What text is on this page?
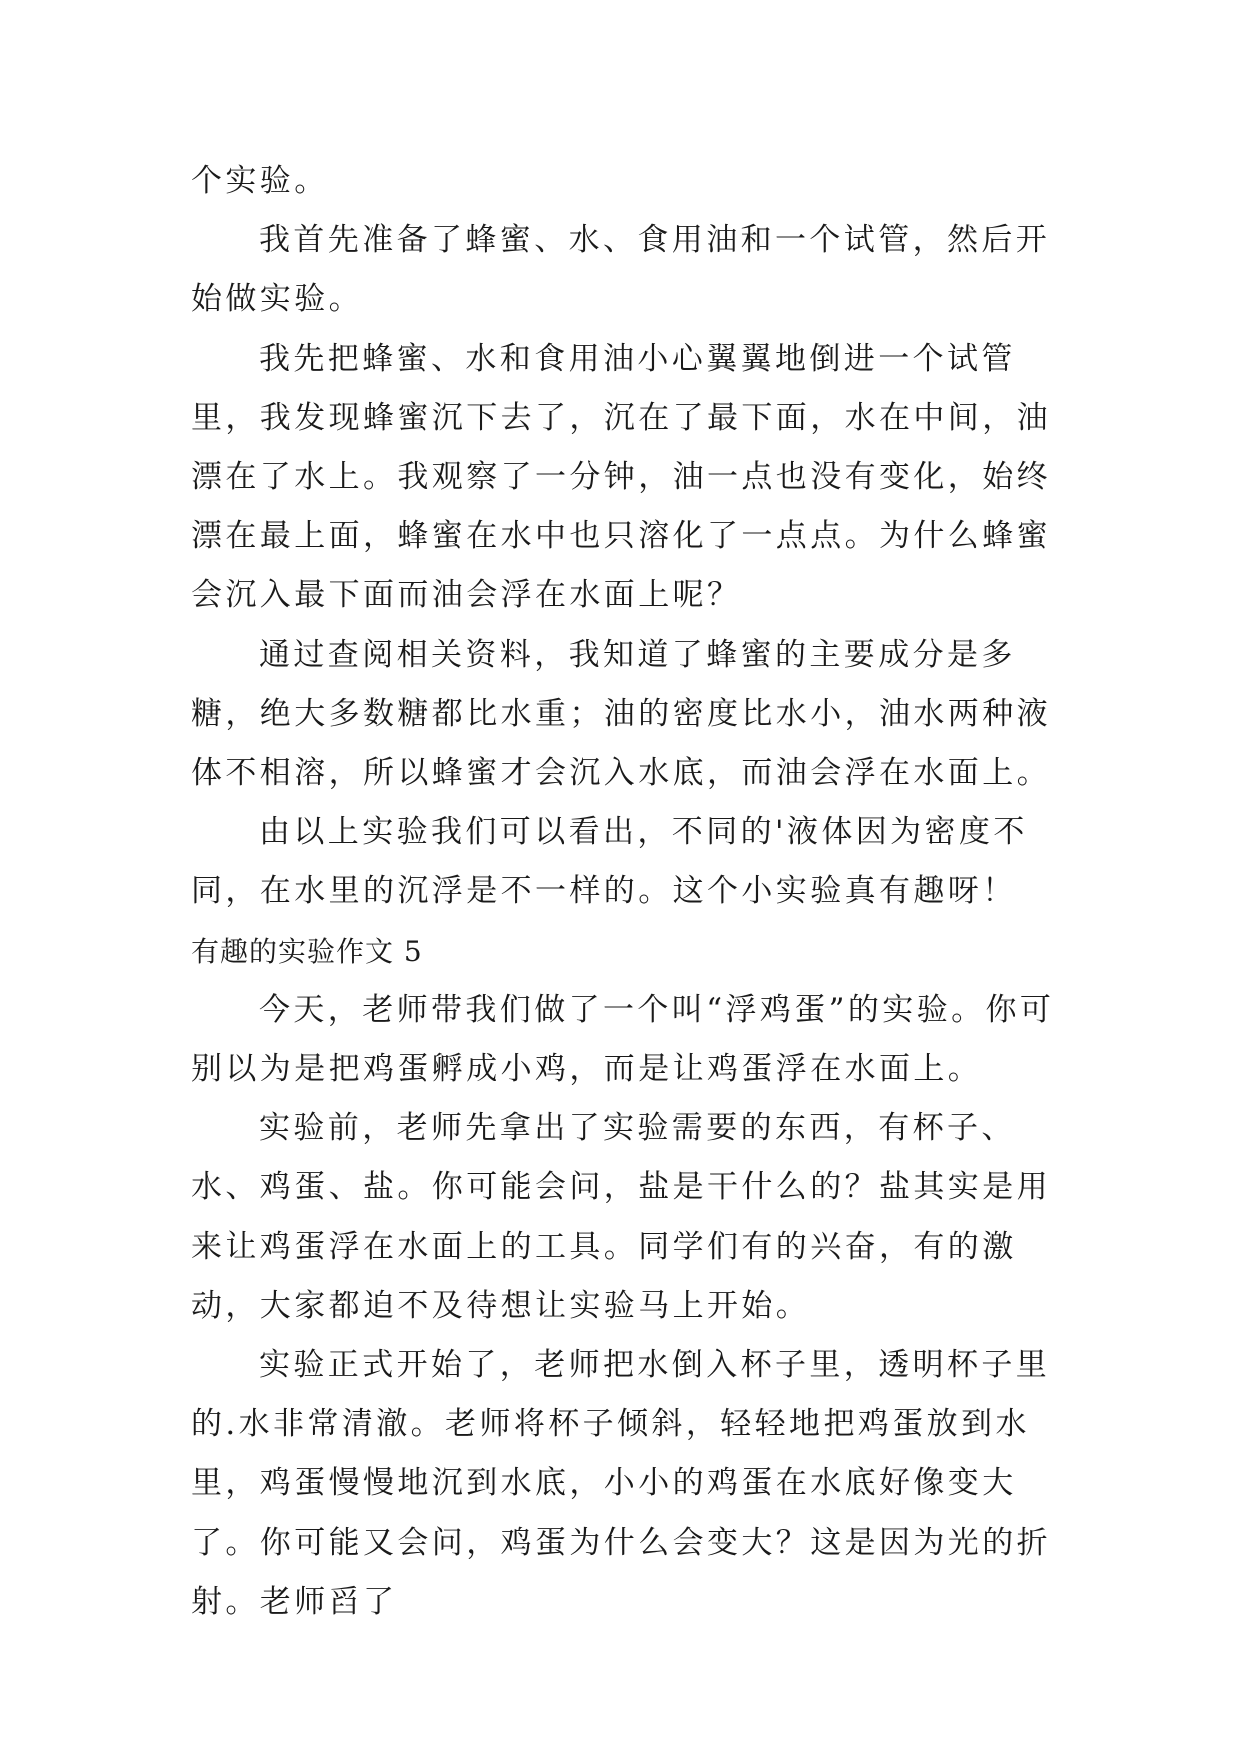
个实验。

我首先准备了蜂蜜、水、食用油和一个试管，然后开始做实验。

我先把蜂蜜、水和食用油小心翼翼地倒进一个试管里，我发现蜂蜜沉下去了，沉在了最下面，水在中间，油漂在了水上。我观察了一分钟，油一点也没有变化，始终漂在最上面，蜂蜜在水中也只溶化了一点点。为什么蜂蜜会沉入最下面而油会浮在水面上呢？

通过查阅相关资料，我知道了蜂蜜的主要成分是多糖，绝大多数糖都比水重；油的密度比水小，油水两种液体不相溶，所以蜂蜜才会沉入水底，而油会浮在水面上。

由以上实验我们可以看出，不同的'液体因为密度不同，在水里的沉浮是不一样的。这个小实验真有趣呀！

有趣的实验作文 5

今天，老师带我们做了一个叫“浮鸡蛋”的实验。你可别以为是把鸡蛋孵成小鸡，而是让鸡蛋浮在水面上。

实验前，老师先拿出了实验需要的东西，有杯子、水、鸡蛋、盐。你可能会问，盐是干什么的？盐其实是用来让鸡蛋浮在水面上的工具。同学们有的兴奋，有的激动，大家都迫不及待想让实验马上开始。

实验正式开始了，老师把水倒入杯子里，透明杯子里的.水非常清澈。老师将杯子倾斜，轻轻地把鸡蛋放到水里，鸡蛋慢慢地沉到水底，小小的鸡蛋在水底好像变大了。你可能又会问，鸡蛋为什么会变大？这是因为光的折射。老师舀了
